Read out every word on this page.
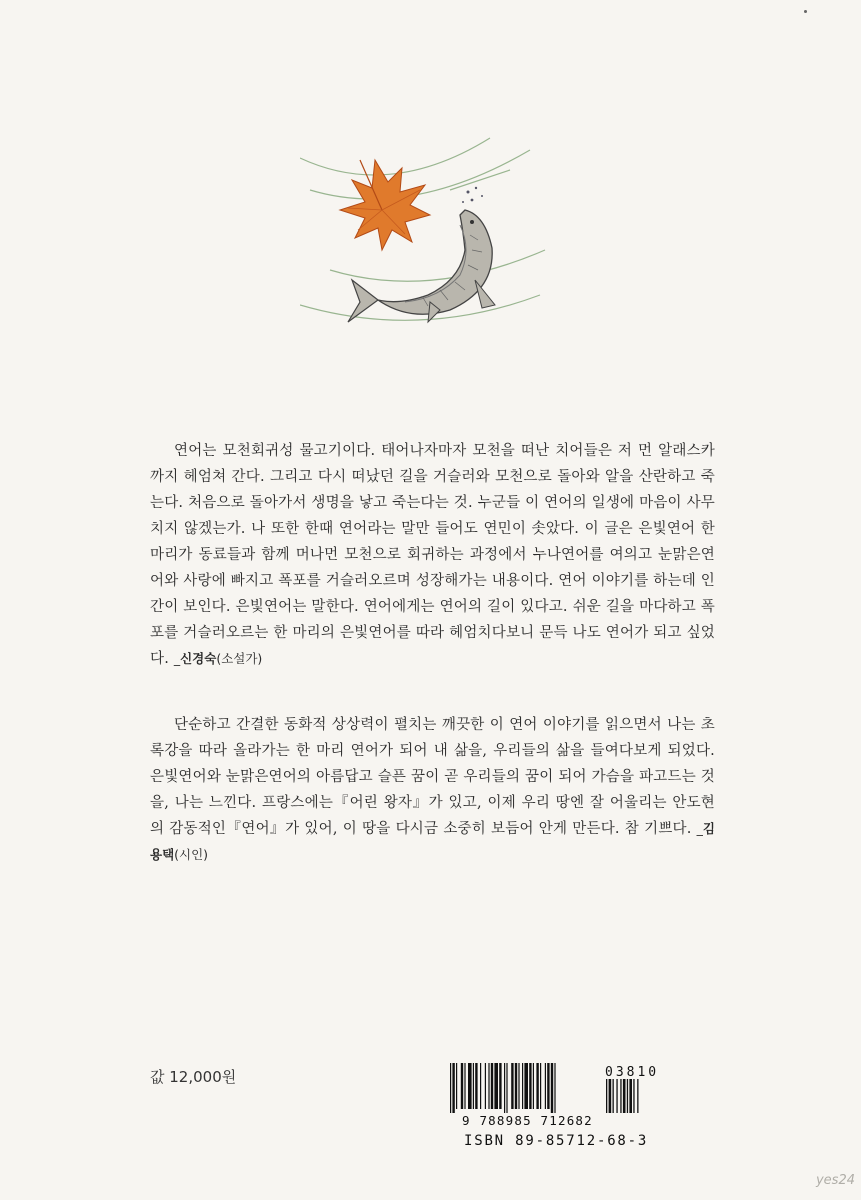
연어는 모천회귀성 물고기이다. 태어나자마자 모천을 떠난 치어들은 저 먼 알래스카까지 헤엄쳐 간다. 그리고 다시 떠났던 길을 거슬러와 모천으로 돌아와 알을 산란하고 죽는다. 처음으로 돌아가서 생명을 낳고 죽는다는 것. 누군들 이 연어의 일생에 마음이 사무치지 않겠는가. 나 또한 한때 연어라는 말만 들어도 연민이 솟았다. 이 글은 은빛연어 한 마리가 동료들과 함께 머나먼 모천으로 회귀하는 과정에서 누나연어를 여의고 눈맑은연어와 사랑에 빠지고 폭포를 거슬러오르며 성장해가는 내용이다. 연어 이야기를 하는데 인간이 보인다. 은빛연어는 말한다. 연어에게는 연어의 길이 있다고. 쉬운 길을 마다하고 폭포를 거슬러오르는 한 마리의 은빛연어를 따라 헤엄치다보니 문득 나도 연어가 되고 싶었다. _신경숙(소설가)

단순하고 간결한 동화적 상상력이 펼치는 깨끗한 이 연어 이야기를 읽으면서 나는 초록강을 따라 올라가는 한 마리 연어가 되어 내 삶을, 우리들의 삶을 들여다보게 되었다. 은빛연어와 눈맑은연어의 아름답고 슬픈 꿈이 곧 우리들의 꿈이 되어 가슴을 파고드는 것을, 나는 느낀다. 프랑스에는『어린 왕자』가 있고, 이제 우리 땅엔 잘 어울리는 안도현의 감동적인『연어』가 있어, 이 땅을 다시금 소중히 보듬어 안게 만든다. 참 기쁘다. _김용택(시인)

값 12,000원	03810
9 788985 712682
ISBN 89-85712-68-3
yes24
